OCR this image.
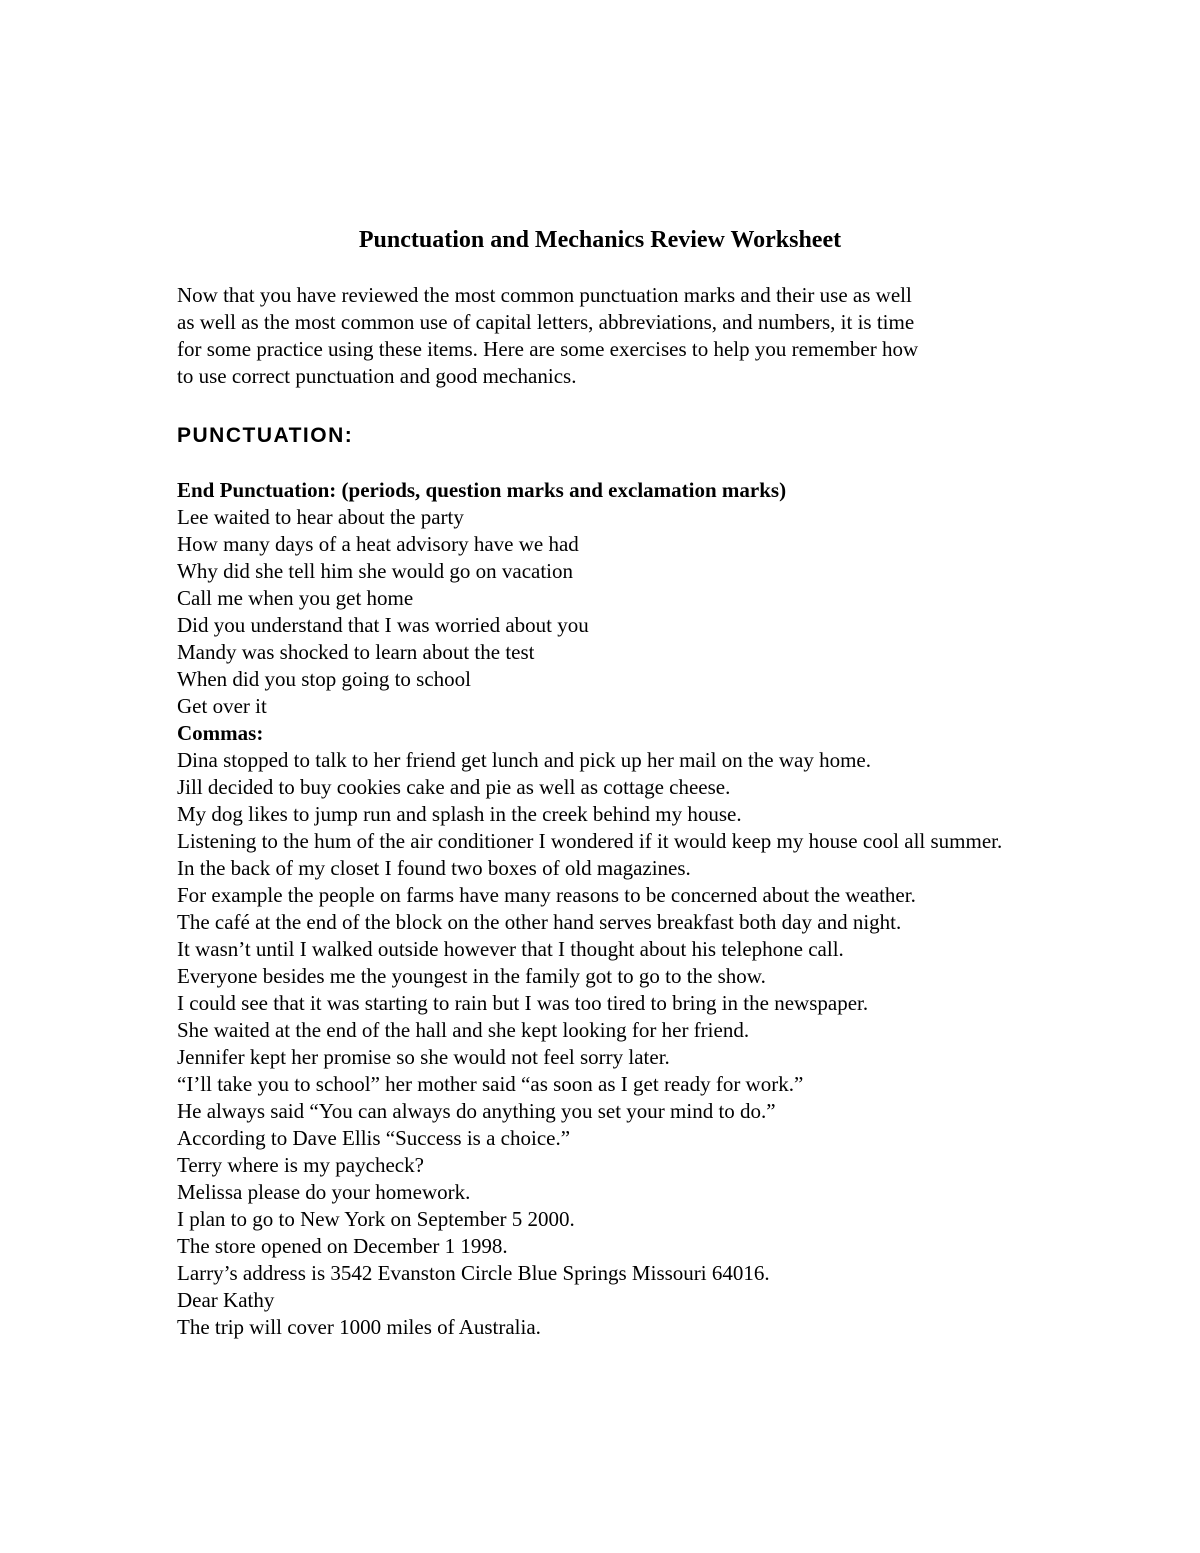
Punctuation and Mechanics Review Worksheet
Now that you have reviewed the most common punctuation marks and their use as well
as well as the most common use of capital letters, abbreviations, and numbers, it is time
for some practice using these items. Here are some exercises to help you remember how
to use correct punctuation and good mechanics.
PUNCTUATION:
End Punctuation: (periods, question marks and exclamation marks)
Lee waited to hear about the party
How many days of a heat advisory have we had
Why did she tell him she would go on vacation
Call me when you get home
Did you understand that I was worried about you
Mandy was shocked to learn about the test
When did you stop going to school
Get over it
Commas:
Dina stopped to talk to her friend get lunch and pick up her mail on the way home.
Jill decided to buy cookies cake and pie as well as cottage cheese.
My dog likes to jump run and splash in the creek behind my house.
Listening to the hum of the air conditioner I wondered if it would keep my house cool all summer.
In the back of my closet I found two boxes of old magazines.
For example the people on farms have many reasons to be concerned about the weather.
The café at the end of the block on the other hand serves breakfast both day and night.
It wasn’t until I walked outside however that I thought about his telephone call.
Everyone besides me the youngest in the family got to go to the show.
I could see that it was starting to rain but I was too tired to bring in the newspaper.
She waited at the end of the hall and she kept looking for her friend.
Jennifer kept her promise so she would not feel sorry later.
“I’ll take you to school” her mother said “as soon as I get ready for work.”
He always said “You can always do anything you set your mind to do.”
According to Dave Ellis “Success is a choice.”
Terry where is my paycheck?
Melissa please do your homework.
I plan to go to New York on September 5 2000.
The store opened on December 1 1998.
Larry’s address is 3542 Evanston Circle Blue Springs Missouri 64016.
Dear Kathy
The trip will cover 1000 miles of Australia.
